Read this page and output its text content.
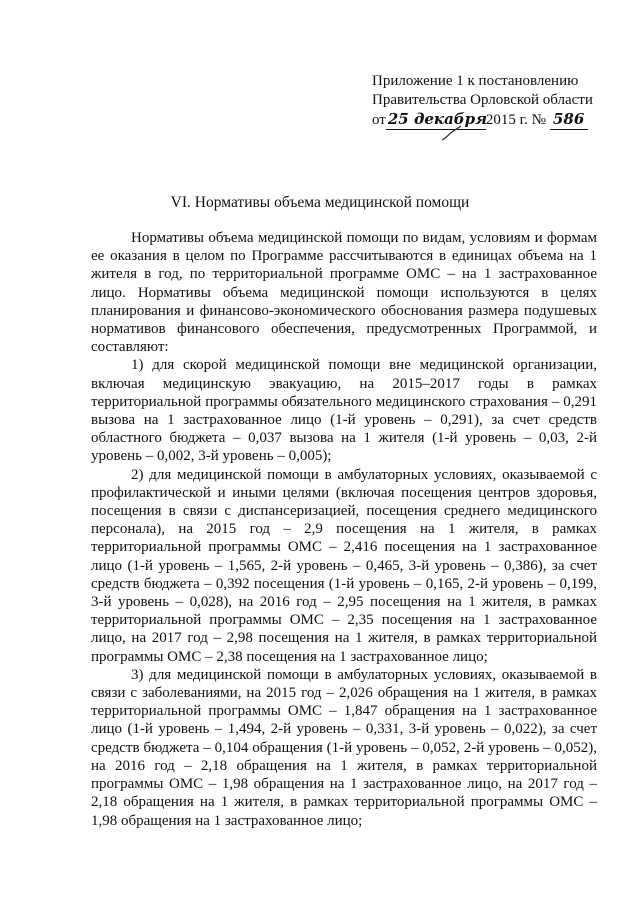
Приложение 1 к постановлению
Правительства Орловской области
от 25 декабря2015 г. № 586
VI. Нормативы объема медицинской помощи

Нормативы объема медицинской помощи по видам, условиям и формам ее оказания в целом по Программе рассчитываются в единицах объема на 1 жителя в год, по территориальной программе ОМС – на 1 застрахованное лицо. Нормативы объема медицинской помощи используются в целях планирования и финансово-экономического обоснования размера подушевых нормативов финансового обеспечения, предусмотренных Программой, и составляют:

1) для скорой медицинской помощи вне медицинской организации, включая медицинскую эвакуацию, на 2015–2017 годы в рамках территориальной программы обязательного медицинского страхования – 0,291 вызова на 1 застрахованное лицо (1-й уровень – 0,291), за счет средств областного бюджета – 0,037 вызова на 1 жителя (1-й уровень – 0,03, 2-й уровень – 0,002, 3-й уровень – 0,005);

2) для медицинской помощи в амбулаторных условиях, оказываемой с профилактической и иными целями (включая посещения центров здоровья, посещения в связи с диспансеризацией, посещения среднего медицинского персонала), на 2015 год – 2,9 посещения на 1 жителя, в рамках территориальной программы ОМС – 2,416 посещения на 1 застрахованное лицо (1-й уровень – 1,565, 2-й уровень – 0,465, 3-й уровень – 0,386), за счет средств бюджета – 0,392 посещения (1-й уровень – 0,165, 2-й уровень – 0,199, 3-й уровень – 0,028), на 2016 год – 2,95 посещения на 1 жителя, в рамках территориальной программы ОМС – 2,35 посещения на 1 застрахованное лицо, на 2017 год – 2,98 посещения на 1 жителя, в рамках территориальной программы ОМС – 2,38 посещения на 1 застрахованное лицо;

3) для медицинской помощи в амбулаторных условиях, оказываемой в связи с заболеваниями, на 2015 год – 2,026 обращения на 1 жителя, в рамках территориальной программы ОМС – 1,847 обращения на 1 застрахованное лицо (1-й уровень – 1,494, 2-й уровень – 0,331, 3-й уровень – 0,022), за счет средств бюджета – 0,104 обращения (1-й уровень – 0,052, 2-й уровень – 0,052), на 2016 год – 2,18 обращения на 1 жителя, в рамках территориальной программы ОМС – 1,98 обращения на 1 застрахованное лицо, на 2017 год – 2,18 обращения на 1 жителя, в рамках территориальной программы ОМС – 1,98 обращения на 1 застрахованное лицо;
